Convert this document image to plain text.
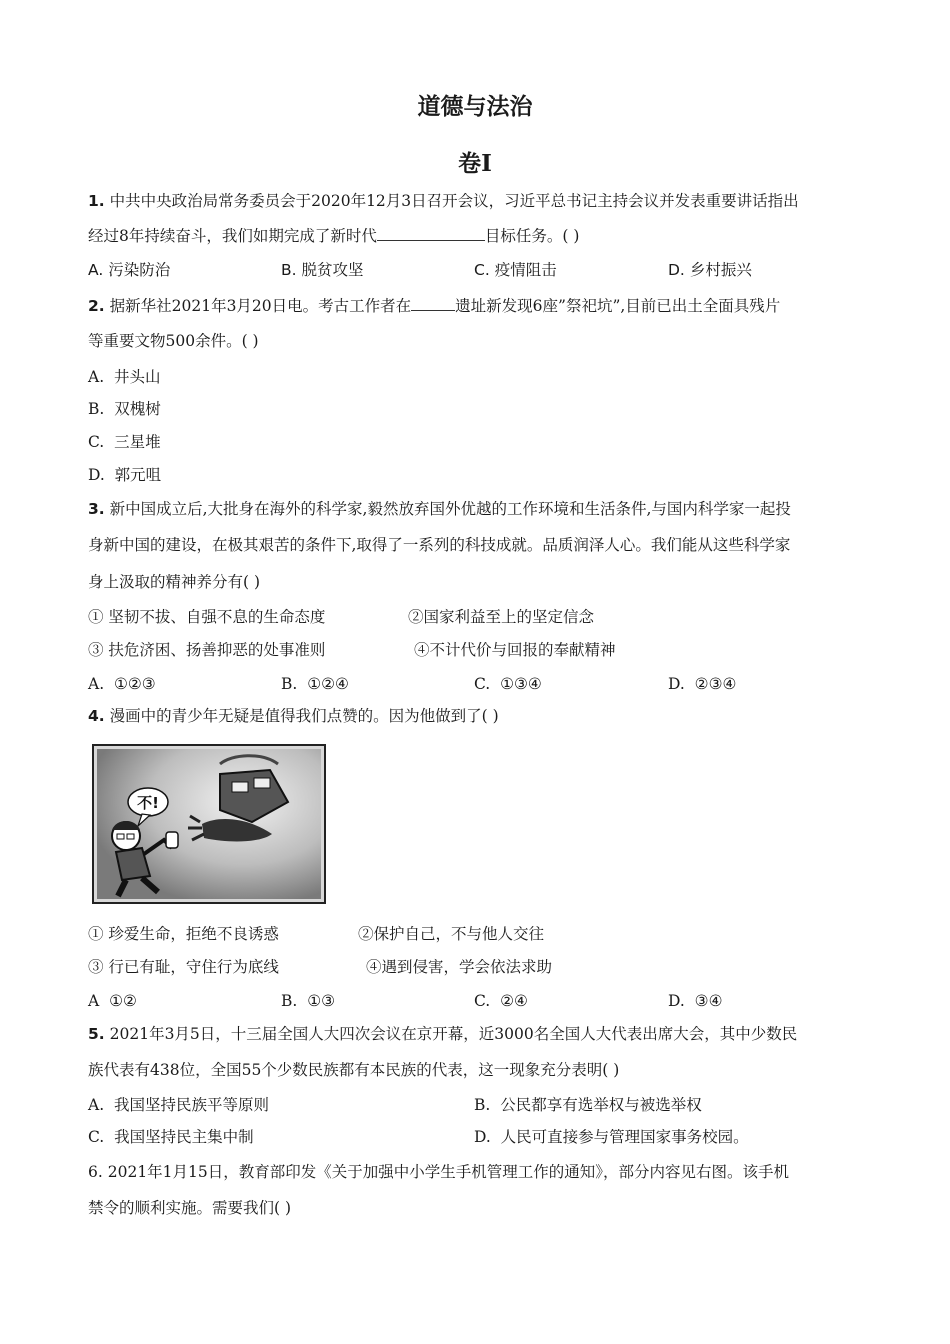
道德与法治
卷I
1. 中共中央政治局常务委员会于2020年12月3日召开会议，习近平总书记主持会议并发表重要讲话指出
经过8年持续奋斗，我们如期完成了新时代	目标任务。( )
A. 污染防治	B. 脱贫攻坚	C. 疫情阻击	D. 乡村振兴
2. 据新华社2021年3月20日电。考古工作者在	遗址新发现6座”祭祀坑”,目前已出土全面具残片
等重要文物500余件。( )
A. 井头山
B. 双槐树
C. 三星堆
D. 郭元咀
3. 新中国成立后,大批身在海外的科学家,毅然放弃国外优越的工作环境和生活条件,与国内科学家一起投
身新中国的建设，在极其艰苦的条件下,取得了一系列的科技成就。品质润泽人心。我们能从这些科学家
身上汲取的精神养分有( )
① 坚韧不拔、自强不息的生命态度	②国家利益至上的坚定信念
③ 扶危济困、扬善抑恶的处事准则	④不计代价与回报的奉献精神
A. ①②③	B. ①②④	C. ①③④	D. ②③④
4. 漫画中的青少年无疑是值得我们点赞的。因为他做到了( )
不!
① 珍爱生命，拒绝不良诱惑	②保护自己，不与他人交往
③ 行已有耻，守住行为底线	④遇到侵害，学会依法求助
A ①②	B. ①③	C. ②④	D. ③④
5. 2021年3月5日，十三届全国人大四次会议在京开幕，近3000名全国人大代表出席大会，其中少数民
族代表有438位，全国55个少数民族都有本民族的代表，这一现象充分表明( )
A. 我国坚持民族平等原则	B. 公民都享有选举权与被选举权
C. 我国坚持民主集中制	D. 人民可直接参与管理国家事务校园。
6. 2021年1月15日，教育部印发《关于加强中小学生手机管理工作的通知》，部分内容见右图。该手机
禁令的顺利实施。需要我们( )
